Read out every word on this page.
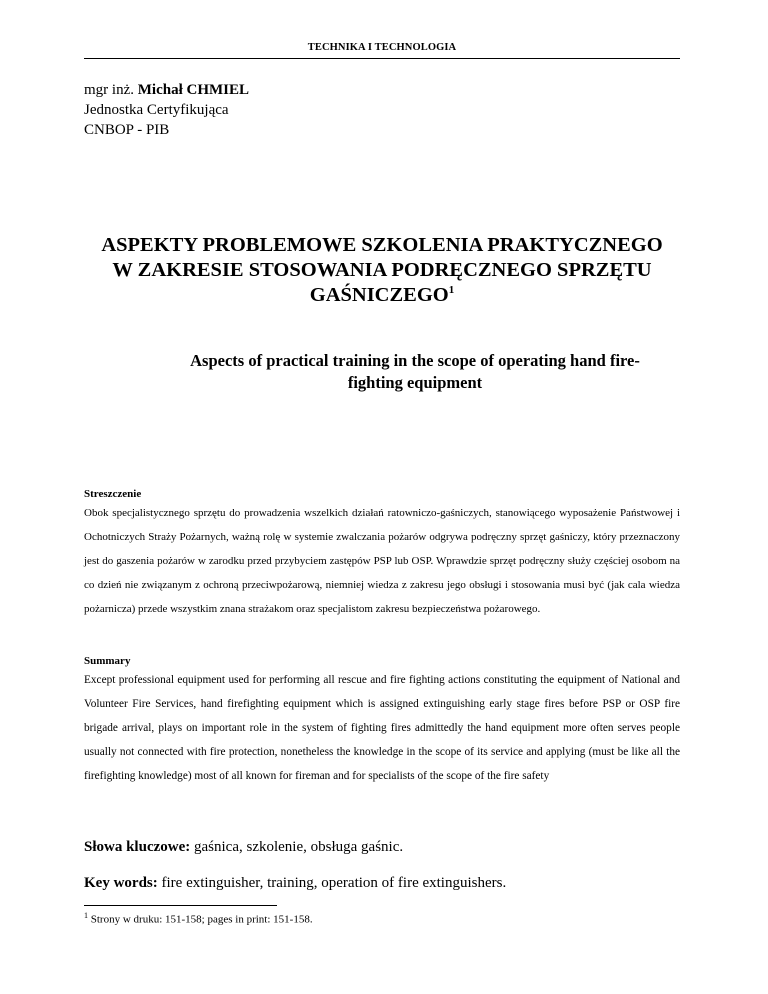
TECHNIKA I TECHNOLOGIA
mgr inż. Michał CHMIEL
Jednostka Certyfikująca
CNBOP - PIB
ASPEKTY PROBLEMOWE SZKOLENIA PRAKTYCZNEGO
W ZAKRESIE STOSOWANIA PODRĘCZNEGO SPRZĘTU
GAŚNICZEGO$^1$
Aspects of practical training in the scope of operating hand fire-
fighting equipment
Streszczenie
Obok specjalistycznego sprzętu do prowadzenia wszelkich działań ratowniczo-gaśniczych, stanowiącego wyposażenie Państwowej i Ochotniczych Straży Pożarnych, ważną rolę w systemie zwalczania pożarów odgrywa podręczny sprzęt gaśniczy, który przeznaczony jest do gaszenia pożarów w zarodku przed przybyciem zastępów PSP lub OSP. Wprawdzie sprzęt podręczny służy częściej osobom na co dzień nie związanym z ochroną przeciwpożarową, niemniej wiedza z zakresu jego obsługi i stosowania musi być (jak cala wiedza pożarnicza) przede wszystkim znana strażakom oraz specjalistom zakresu bezpieczeństwa pożarowego.
Summary
Except professional equipment used for performing all rescue and fire fighting actions constituting the equipment of National and Volunteer Fire Services, hand firefighting equipment which is assigned extinguishing early stage fires before PSP or OSP fire brigade arrival, plays on important role in the system of fighting fires admittedly the hand equipment more often serves people usually not connected with fire protection, nonetheless the knowledge in the scope of its service and applying (must be like all the firefighting knowledge) most of all known for fireman and for specialists of the scope of the fire safety
Słowa kluczowe: gaśnica, szkolenie, obsługa gaśnic.
Key words: fire extinguisher, training, operation of fire extinguishers.
$^1$ Strony w druku: 151-158; pages in print: 151-158.
